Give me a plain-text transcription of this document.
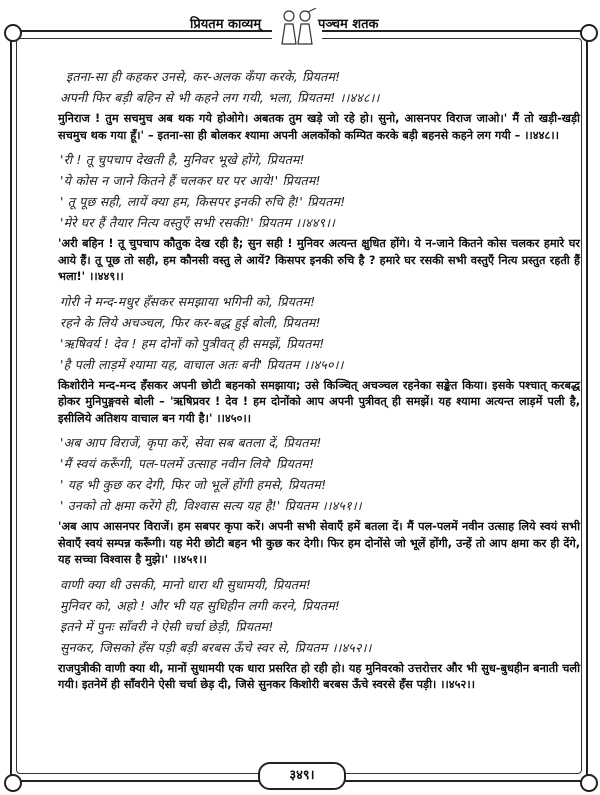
प्रियतम काव्यम्	पञ्चम शतक
इतना-सा ही कहकर उनसे, कर-अलक कँपा करके, प्रियतम!
अपनी फिर बड़ी बहिन से भी कहने लग गयी, भला, प्रियतम! ।।४४८।।

मुनिराज ! तुम सचमुच अब थक गये होओगे। अबतक तुम खड़े जो रहे हो। सुनो, आसनपर विराज जाओ।' मैं तो खड़ी-खड़ी सचमुच थक गया हूँ।' – इतना-सा ही बोलकर श्यामा अपनी अलकोंको कम्पित करके बड़ी बहनसे कहने लग गयी – ।।४४८।।

'री ! तू चुपचाप देखती है, मुनिवर भूखे होंगे, प्रियतम!
'ये कोस न जाने कितने हैं चलकर घर पर आये!' प्रियतम!
' तू पूछ सही, लायें क्या हम, किसपर इनकी रुचि है!' प्रियतम!
'मेरे घर हैं तैयार नित्य वस्तुएँ सभी रसकी!' प्रियतम ।।४४९।।

'अरी बहिन ! तू चुपचाप कौतुक देख रही है; सुन सही ! मुनिवर अत्यन्त क्षुधित होंगे। ये न-जाने कितने कोस चलकर हमारे घर आये हैं। तू पूछ तो सही, हम कौनसी वस्तु ले आयें? किसपर इनकी रुचि है ? हमारे घर रसकी सभी वस्तुएँ नित्य प्रस्तुत रहती हैं भला!' ।।४४९।।

गोरी ने मन्द-मधुर हँसकर समझाया भगिनी को, प्रियतम!
रहने के लिये अचञ्चल, फिर कर-बद्ध हुई बोली, प्रियतम!
'ऋषिवर्य ! देव ! हम दोनों को पुत्रीवत् ही समझें, प्रियतम!
'है पली लाड़में श्यामा यह, वाचाल अतः बनी' प्रियतम ।।४५०।।

किशोरीने मन्द-मन्द हँसकर अपनी छोटी बहनको समझाया; उसे किञ्चित् अचञ्चल रहनेका सङ्केत किया। इसके पश्चात् करबद्ध होकर मुनिपुङ्गवसे बोली – 'ऋषिप्रवर ! देव ! हम दोनोंको आप अपनी पुत्रीवत् ही समझें। यह श्यामा अत्यन्त लाड़में पली है, इसीलिये अतिशय वाचाल बन गयी है।' ।।४५०।।

'अब आप विराजें, कृपा करें, सेवा सब बतला दें, प्रियतम!
'मैं स्वयं करूँगी, पल-पलमें उत्साह नवीन लिये' प्रियतम!
' यह भी कुछ कर देगी, फिर जो भूलें होंगी हमसे, प्रियतम!
' उनको तो क्षमा करेंगे ही, विश्वास सत्य यह है!' प्रियतम ।।४५१।।

'अब आप आसनपर विराजें। हम सबपर कृपा करें। अपनी सभी सेवाएँ हमें बतला दें। मैं पल-पलमें नवीन उत्साह लिये स्वयं सभी सेवाएँ स्वयं सम्पन्न करूँगी। यह मेरी छोटी बहन भी कुछ कर देगी। फिर हम दोनोंसे जो भूलें होंगी, उन्हें तो आप क्षमा कर ही देंगे, यह सच्चा विश्वास है मुझे।' ।।४५१।।

वाणी क्या थी उसकी, मानो धारा थी सुधामयी, प्रियतम!
मुनिवर को, अहो ! और भी यह सुधिहीन लगी करने, प्रियतम!
इतने में पुनः साँवरी ने ऐसी चर्चा छेड़ी, प्रियतम!
सुनकर, जिसको हँस पड़ी बड़ी बरबस ऊँचे स्वर से, प्रियतम ।।४५२।।

राजपुत्रीकी वाणी क्या थी, मानों सुधामयी एक धारा प्रसरित हो रही हो। यह मुनिवरको उत्तरोत्तर और भी सुध-बुधहीन बनाती चली गयी। इतनेमें ही साँवरीने ऐसी चर्चा छेड़ दी, जिसे सुनकर किशोरी बरबस ऊँचे स्वरसे हँस पड़ी। ।।४५२।।

३४९।
